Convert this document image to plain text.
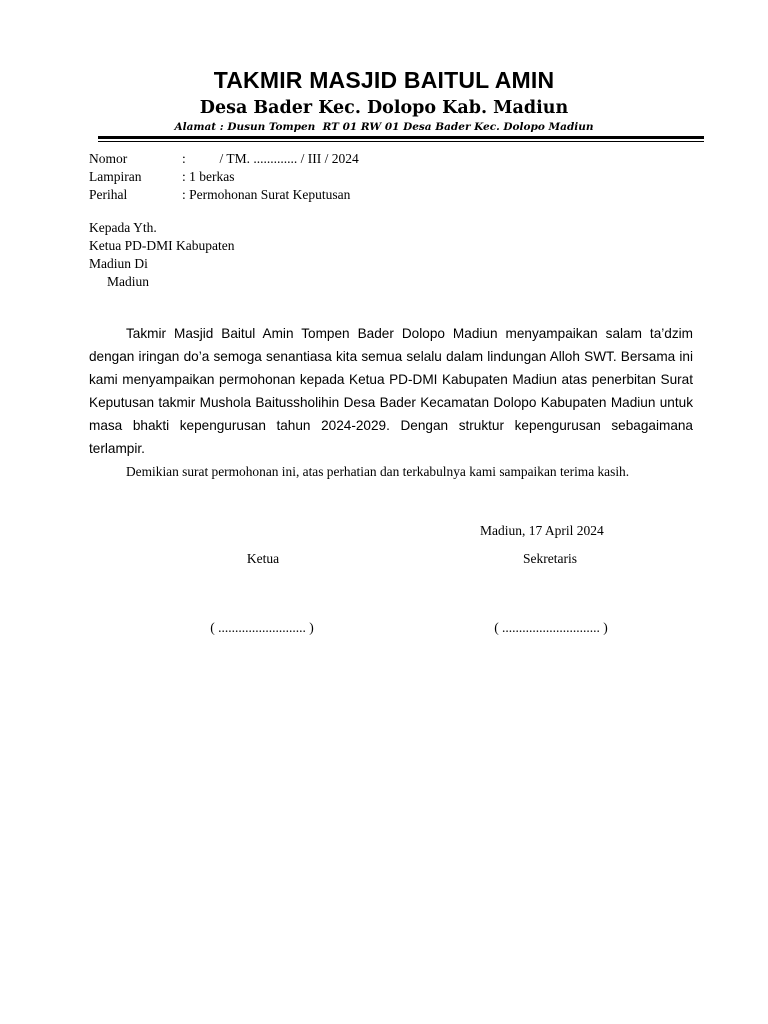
TAKMIR MASJID BAITUL AMIN
Desa Bader Kec. Dolopo Kab. Madiun
Alamat : Dusun Tompen  RT 01 RW 01 Desa Bader Kec. Dolopo Madiun
Nomor	:          / TM. ............. / III / 2024
Lampiran	: 1 berkas
Perihal	: Permohonan Surat Keputusan
Kepada Yth.
Ketua PD-DMI Kabupaten
Madiun Di
Madiun

Takmir Masjid Baitul Amin Tompen Bader Dolopo Madiun menyampaikan salam ta’dzim dengan iringan do’a semoga senantiasa kita semua selalu dalam lindungan Alloh SWT. Bersama ini kami menyampaikan permohonan kepada Ketua PD-DMI Kabupaten Madiun atas penerbitan Surat Keputusan takmir Mushola Baitussholihin Desa Bader Kecamatan Dolopo Kabupaten Madiun untuk masa bhakti kepengurusan tahun 2024-2029. Dengan struktur kepengurusan sebagaimana terlampir.

Demikian surat permohonan ini, atas perhatian dan terkabulnya kami sampaikan terima kasih.

Madiun, 17 April 2024
Ketua	Sekretaris
( .......................... )	( ............................. )
